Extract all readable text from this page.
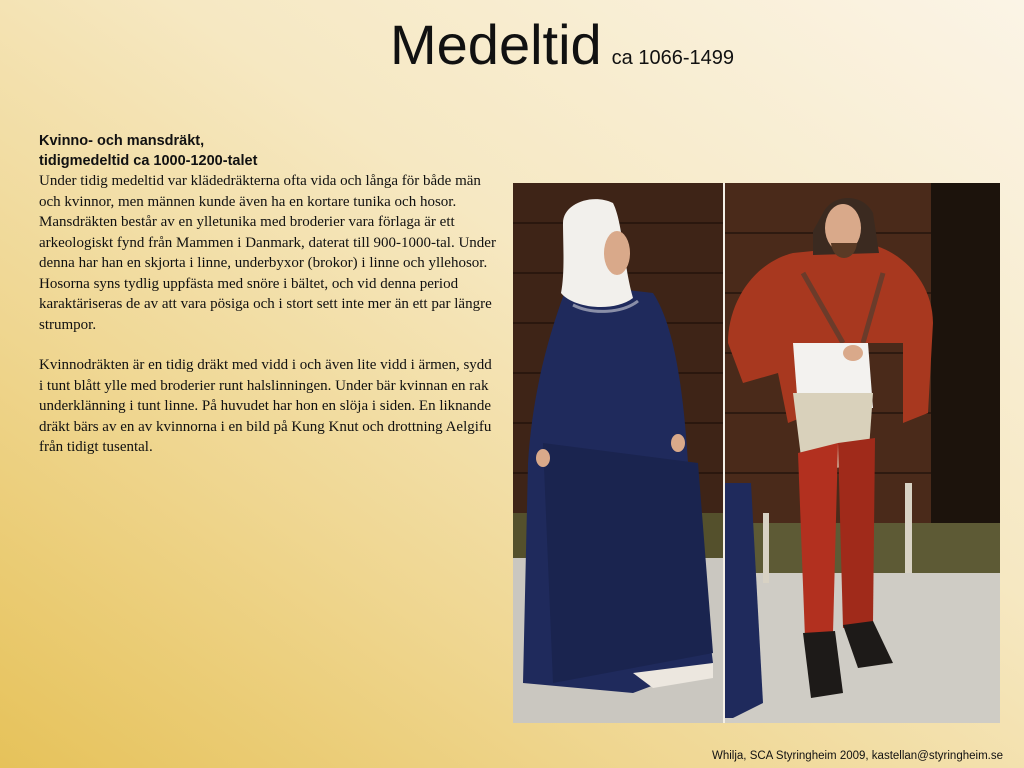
Medeltid ca 1066-1499
Kvinno- och mansdräkt,
tidigmedeltid ca 1000-1200-talet

Under tidig medeltid var klädedräkterna ofta vida och långa för både män och kvinnor, men männen kunde även ha en kortare tunika och hosor.

Mansdräkten består av en ylletunika med broderier vara förlaga är ett arkeologiskt fynd från Mammen i Danmark, daterat till 900-1000-tal. Under denna har han en skjorta i linne, underbyxor (brokor) i linne och yllehosor. Hosorna syns tydlig uppfästa med snöre i bältet, och vid denna period karaktäriseras de av att vara pösiga och i stort sett inte mer än ett par längre strumpor.

Kvinnodräkten är en tidig dräkt med vidd i och även lite vidd i ärmen, sydd i tunt blått ylle med broderier runt halslinningen. Under bär kvinnan en rak underklänning i tunt linne. På huvudet har hon en slöja i siden. En liknande dräkt bärs av en av kvinnorna i en bild på Kung Knut och drottning Aelgifu från tidigt tusental.

Whilja, SCA Styringheim 2009, kastellan@styringheim.se
